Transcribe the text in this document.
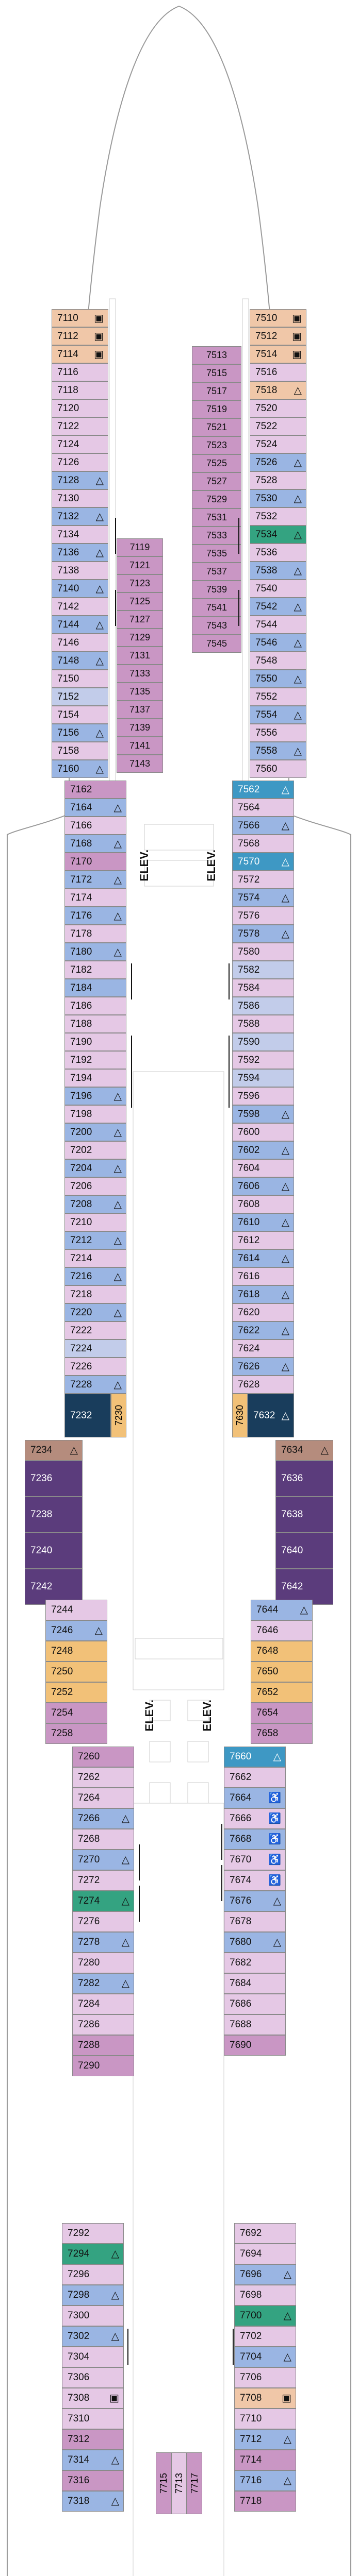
ELEV.	ELEV.
ELEV.	ELEV.
7110 ▣
7112 ▣
7114 ▣
7116
7118
7120
7122
7124
7126
7128 △
7130
7132 △
7134
7136 △
7138
7140 △
7142
7144 △
7146
7148 △
7150
7152
7154
7156 △
7158
7160 △
7510 ▣
7512 ▣
7514 ▣
7516
7518 △
7520
7522
7524
7526 △
7528
7530 △
7532
7534 △
7536
7538 △
7540
7542 △
7544
7546 △
7548
7550 △
7552
7554 △
7556
7558 △
7560
7119
7121
7123
7125
7127
7129
7131
7133
7135
7137
7139
7141
7143
7513
7515
7517
7519
7521
7523
7525
7527
7529
7531
7533
7535
7537
7539
7541
7543
7545
7162
7164 △
7166
7168 △
7170
7172 △
7174
7176 △
7178
7180 △
7182
7184
7186
7188
7190
7192
7194
7196 △
7198
7200 △
7202
7204 △
7206
7208 △
7210
7212 △
7214
7216 △
7218
7220 △
7222
7224
7226
7228 △
7562 △
7564
7566 △
7568
7570 △
7572
7574 △
7576
7578 △
7580
7582
7584
7586
7588
7590
7592
7594
7596
7598 △
7600
7602 △
7604
7606 △
7608
7610 △
7612
7614 △
7616
7618 △
7620
7622 △
7624
7626 △
7628
7232 7230	7632 △
7630
7234 △
7236
7238
7240
7242
7634 △
7636
7638
7640
7642
7244
7246 △
7248
7250
7252
7254
7258
7644 △
7646
7648
7650
7652
7654
7658
7260
7262
7264
7266 △
7268
7270 △
7272
7274 △
7276
7278 △
7280
7282 △
7284
7286
7288
7290
7660 △
7662
7664 ♿
7666 ♿
7668 ♿
7670 ♿
7674 ♿
7676 △
7678
7680 △
7682
7684
7686
7688
7690
7292
7294 △
7296
7298 △
7300
7302 △
7304
7306
7308 ▣
7310
7312
7314 △
7316
7318 △
7692
7694
7696 △
7698
7700 △
7702
7704 △
7706
7708 ▣
7710
7712 △
7714
7716 △
7718
7715 7713 7717
